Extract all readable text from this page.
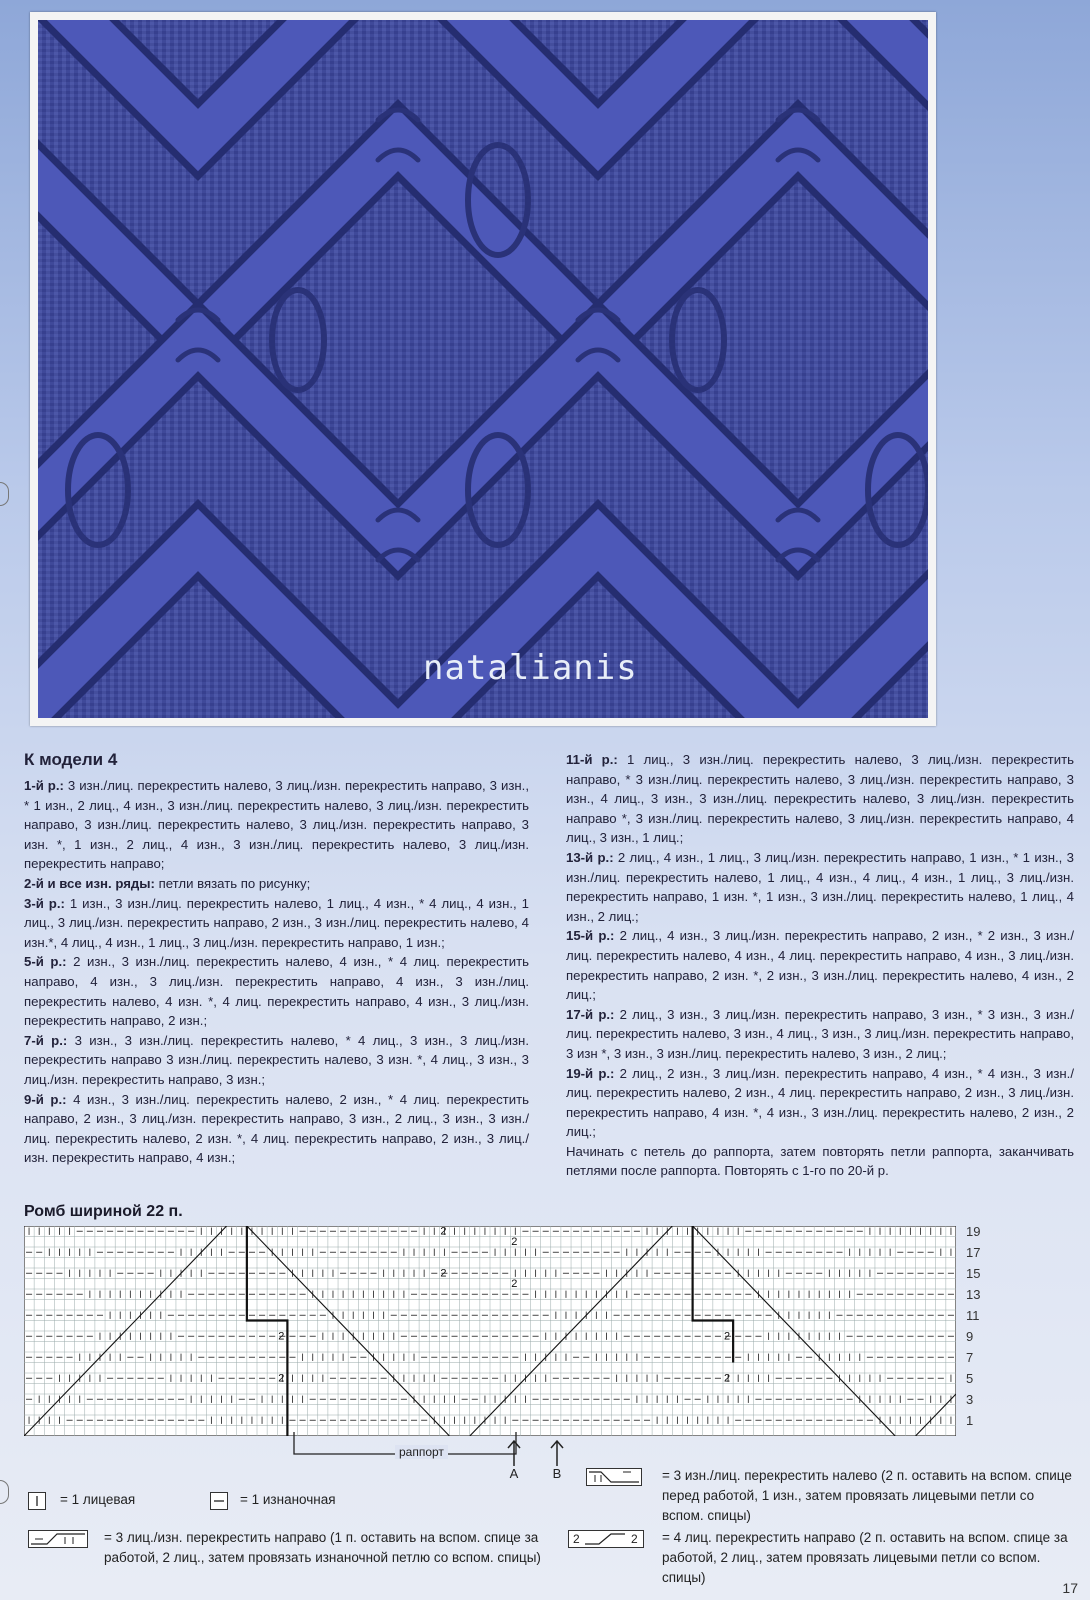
natalianis
К модели 4

1-й р.: 3 изн./лиц. перекрестить налево, 3 лиц./изн. перекрестить направо, 3 изн., * 1 изн., 2 лиц., 4 изн., 3 изн./лиц. перекрестить налево, 3 лиц./изн. перекрестить направо, 3 изн./лиц. перекрестить налево, 3 лиц./изн. перекрестить направо, 3 изн. *, 1 изн., 2 лиц., 4 изн., 3 изн./лиц. перекрестить налево, 3 лиц./изн. перекрестить направо;

2-й и все изн. ряды: петли вязать по рисунку;

3-й р.: 1 изн., 3 изн./лиц. перекрестить налево, 1 лиц., 4 изн., * 4 лиц., 4 изн., 1 лиц., 3 лиц./изн. перекрестить направо, 2 изн., 3 изн./лиц. перекрестить налево, 4 изн.*, 4 лиц., 4 изн., 1 лиц., 3 лиц./изн. перекрестить направо, 1 изн.;

5-й р.: 2 изн., 3 изн./лиц. перекрестить налево, 4 изн., * 4 лиц. перекрестить направо, 4 изн., 3 лиц./изн. перекрестить направо, 4 изн., 3 изн./лиц. перекрестить налево, 4 изн. *, 4 лиц. перекрестить направо, 4 изн., 3 лиц./изн. перекрестить направо, 2 изн.;

7-й р.: 3 изн., 3 изн./лиц. перекрестить налево, * 4 лиц., 3 изн., 3 лиц./изн. перекрестить направо 3 изн./лиц. перекрестить налево, 3 изн. *, 4 лиц., 3 изн., 3 лиц./изн. перекрестить направо, 3 изн.;

9-й р.: 4 изн., 3 изн./лиц. перекрестить налево, 2 изн., * 4 лиц. перекрестить направо, 2 изн., 3 лиц./изн. перекрестить направо, 3 изн., 2 лиц., 3 изн., 3 изн./лиц. перекрестить налево, 2 изн. *, 4 лиц. перекрестить направо, 2 изн., 3 лиц./изн. перекрестить направо, 4 изн.;

11-й р.: 1 лиц., 3 изн./лиц. перекрестить налево, 3 лиц./изн. перекрестить направо, * 3 изн./лиц. перекрестить налево, 3 лиц./изн. перекрестить направо, 3 изн., 4 лиц., 3 изн., 3 изн./лиц. перекрестить налево, 3 лиц./изн. перекрестить направо *, 3 изн./лиц. перекрестить налево, 3 лиц./изн. перекрестить направо, 4 лиц., 3 изн., 1 лиц.;

13-й р.: 2 лиц., 4 изн., 1 лиц., 3 лиц./изн. перекрестить направо, 1 изн., * 1 изн., 3 изн./лиц. перекрестить налево, 1 лиц., 4 изн., 4 лиц., 4 изн., 1 лиц., 3 лиц./изн. перекрестить направо, 1 изн. *, 1 изн., 3 изн./лиц. перекрестить налево, 1 лиц., 4 изн., 2 лиц.;

15-й р.: 2 лиц., 4 изн., 3 лиц./изн. перекрестить направо, 2 изн., * 2 изн., 3 изн./лиц. перекрестить налево, 4 изн., 4 лиц. перекрестить направо, 4 изн., 3 лиц./изн. перекрестить направо, 2 изн. *, 2 изн., 3 изн./лиц. перекрестить налево, 4 изн., 2 лиц.;

17-й р.: 2 лиц., 3 изн., 3 лиц./изн. перекрестить направо, 3 изн., * 3 изн., 3 изн./лиц. перекрестить налево, 3 изн., 4 лиц., 3 изн., 3 лиц./изн. перекрестить направо, 3 изн *, 3 изн., 3 изн./лиц. перекрестить налево, 3 изн., 2 лиц.;

19-й р.: 2 лиц., 2 изн., 3 лиц./изн. перекрестить направо, 4 изн., * 4 изн., 3 изн./лиц. перекрестить налево, 2 изн., 4 лиц. перекрестить направо, 2 изн., 3 лиц./изн. перекрестить направо, 4 изн. *, 4 изн., 3 изн./лиц. перекрестить налево, 2 изн., 2 лиц.;

Начинать с петель до раппорта, затем повторять петли раппорта, заканчивать петлями после раппорта. Повторять с 1-го по 20-й р.

Ромб шириной 22 п.
2
2
2
2
2
2
2
2
19
17
15
13
11
9
7
5
3
1
раппорт
A	B
= 1 лицевая	= 1 изнаночная
= 3 изн./лиц. перекрестить налево (2 п. оставить на вспом. спице перед работой, 1 изн., затем провязать лицевыми петли со вспом. спицы)
= 3 лиц./изн. перекрестить направо (1 п. оставить на вспом. спице за работой, 2 лиц., затем провязать изнаночной петлю со вспом. спицы)
2	2 = 4 лиц. перекрестить направо (2 п. оставить на вспом. спице за работой, 2 лиц., затем провязать лицевыми петли со вспом. спицы)
17
